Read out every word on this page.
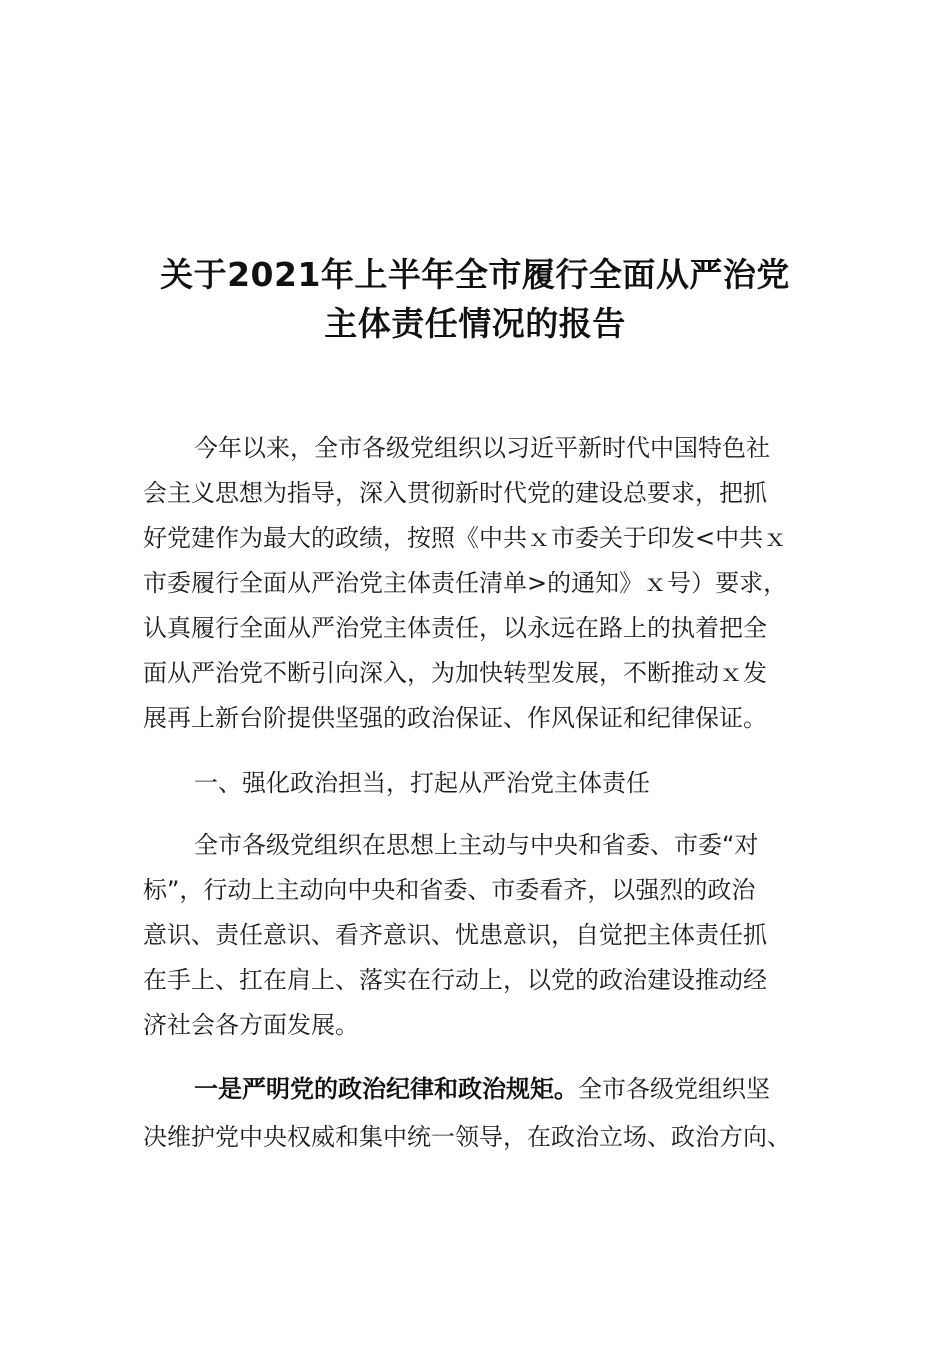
关于2021年上半年全市履行全面从严治党
主体责任情况的报告
今年以来，全市各级党组织以习近平新时代中国特色社
会主义思想为指导，深入贯彻新时代党的建设总要求，把抓
好党建作为最大的政绩，按照《中共ｘ市委关于印发<中共ｘ
市委履行全面从严治党主体责任清单>的通知》ｘ号）要求，
认真履行全面从严治党主体责任，以永远在路上的执着把全
面从严治党不断引向深入，为加快转型发展，不断推动ｘ发
展再上新台阶提供坚强的政治保证、作风保证和纪律保证。
一、强化政治担当，打起从严治党主体责任
全市各级党组织在思想上主动与中央和省委、市委“对
标”，行动上主动向中央和省委、市委看齐，以强烈的政治
意识、责任意识、看齐意识、忧患意识，自觉把主体责任抓
在手上、扛在肩上、落实在行动上，以党的政治建设推动经
济社会各方面发展。
一是严明党的政治纪律和政治规矩。全市各级党组织坚
决维护党中央权威和集中统一领导，在政治立场、政治方向、
